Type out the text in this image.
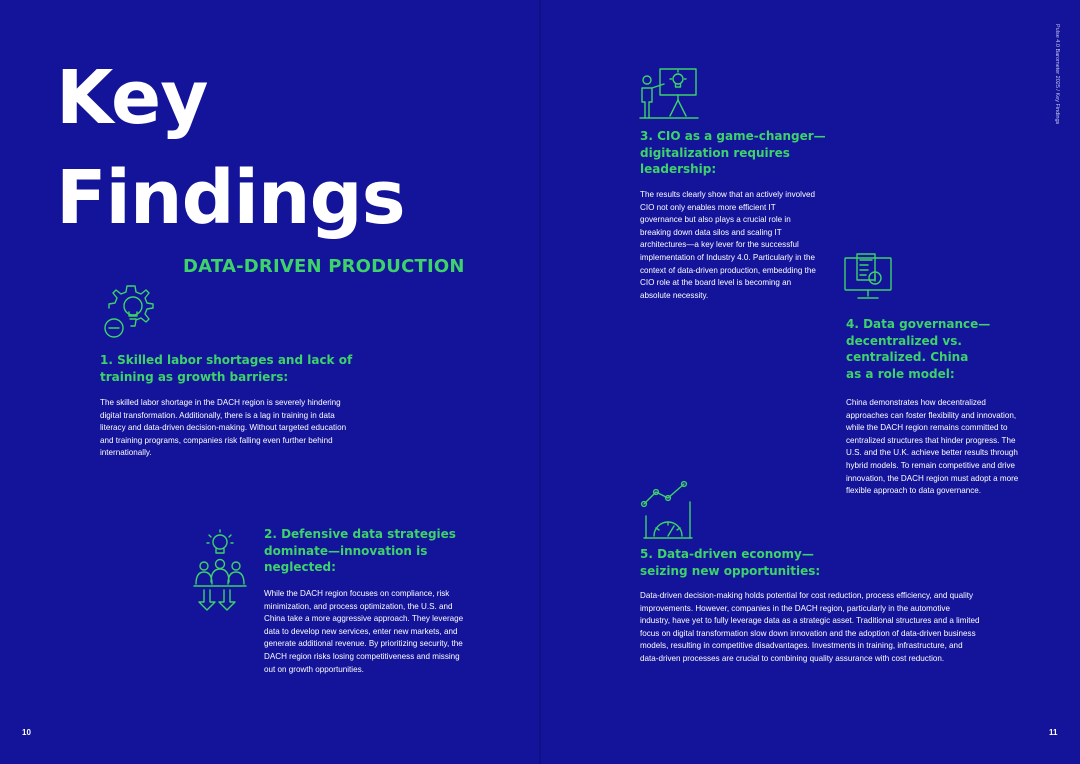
Key
Findings
DATA-DRIVEN PRODUCTION
1. Skilled labor shortages and lack of
training as growth barriers:

The skilled labor shortage in the DACH region is severely hindering digital transformation. Additionally, there is a lag in training in data literacy and data-driven decision-making. Without targeted education and training programs, companies risk falling even further behind internationally.

2. Defensive data strategies
dominate—innovation is
neglected:

While the DACH region focuses on compliance, risk minimization, and process optimization, the U.S. and China take a more aggressive approach. They leverage data to develop new services, enter new markets, and generate additional revenue. By prioritizing security, the DACH region risks losing competitiveness and missing out on growth opportunities.

10
Pulse 4.0 Barometer 2025 / Key Findings
3. CIO as a game-changer—
digitalization requires
leadership:

The results clearly show that an actively involved CIO not only enables more efficient IT governance but also plays a crucial role in breaking down data silos and scaling IT architectures—a key lever for the successful implementation of Industry 4.0. Particularly in the context of data-driven production, embedding the CIO role at the board level is becoming an absolute necessity.

4. Data governance—
decentralized vs.
centralized. China
as a role model:

China demonstrates how decentralized approaches can foster flexibility and innovation, while the DACH region remains committed to centralized structures that hinder progress. The U.S. and the U.K. achieve better results through hybrid models. To remain competitive and drive innovation, the DACH region must adopt a more flexible approach to data governance.

5. Data-driven economy—
seizing new opportunities:

Data-driven decision-making holds potential for cost reduction, process efficiency, and quality improvements. However, companies in the DACH region, particularly in the automotive industry, have yet to fully leverage data as a strategic asset. Traditional structures and a limited focus on digital transformation slow down innovation and the adoption of data-driven business models, resulting in competitive disadvantages. Investments in training, infrastructure, and data-driven processes are crucial to combining quality assurance with cost reduction.

11
